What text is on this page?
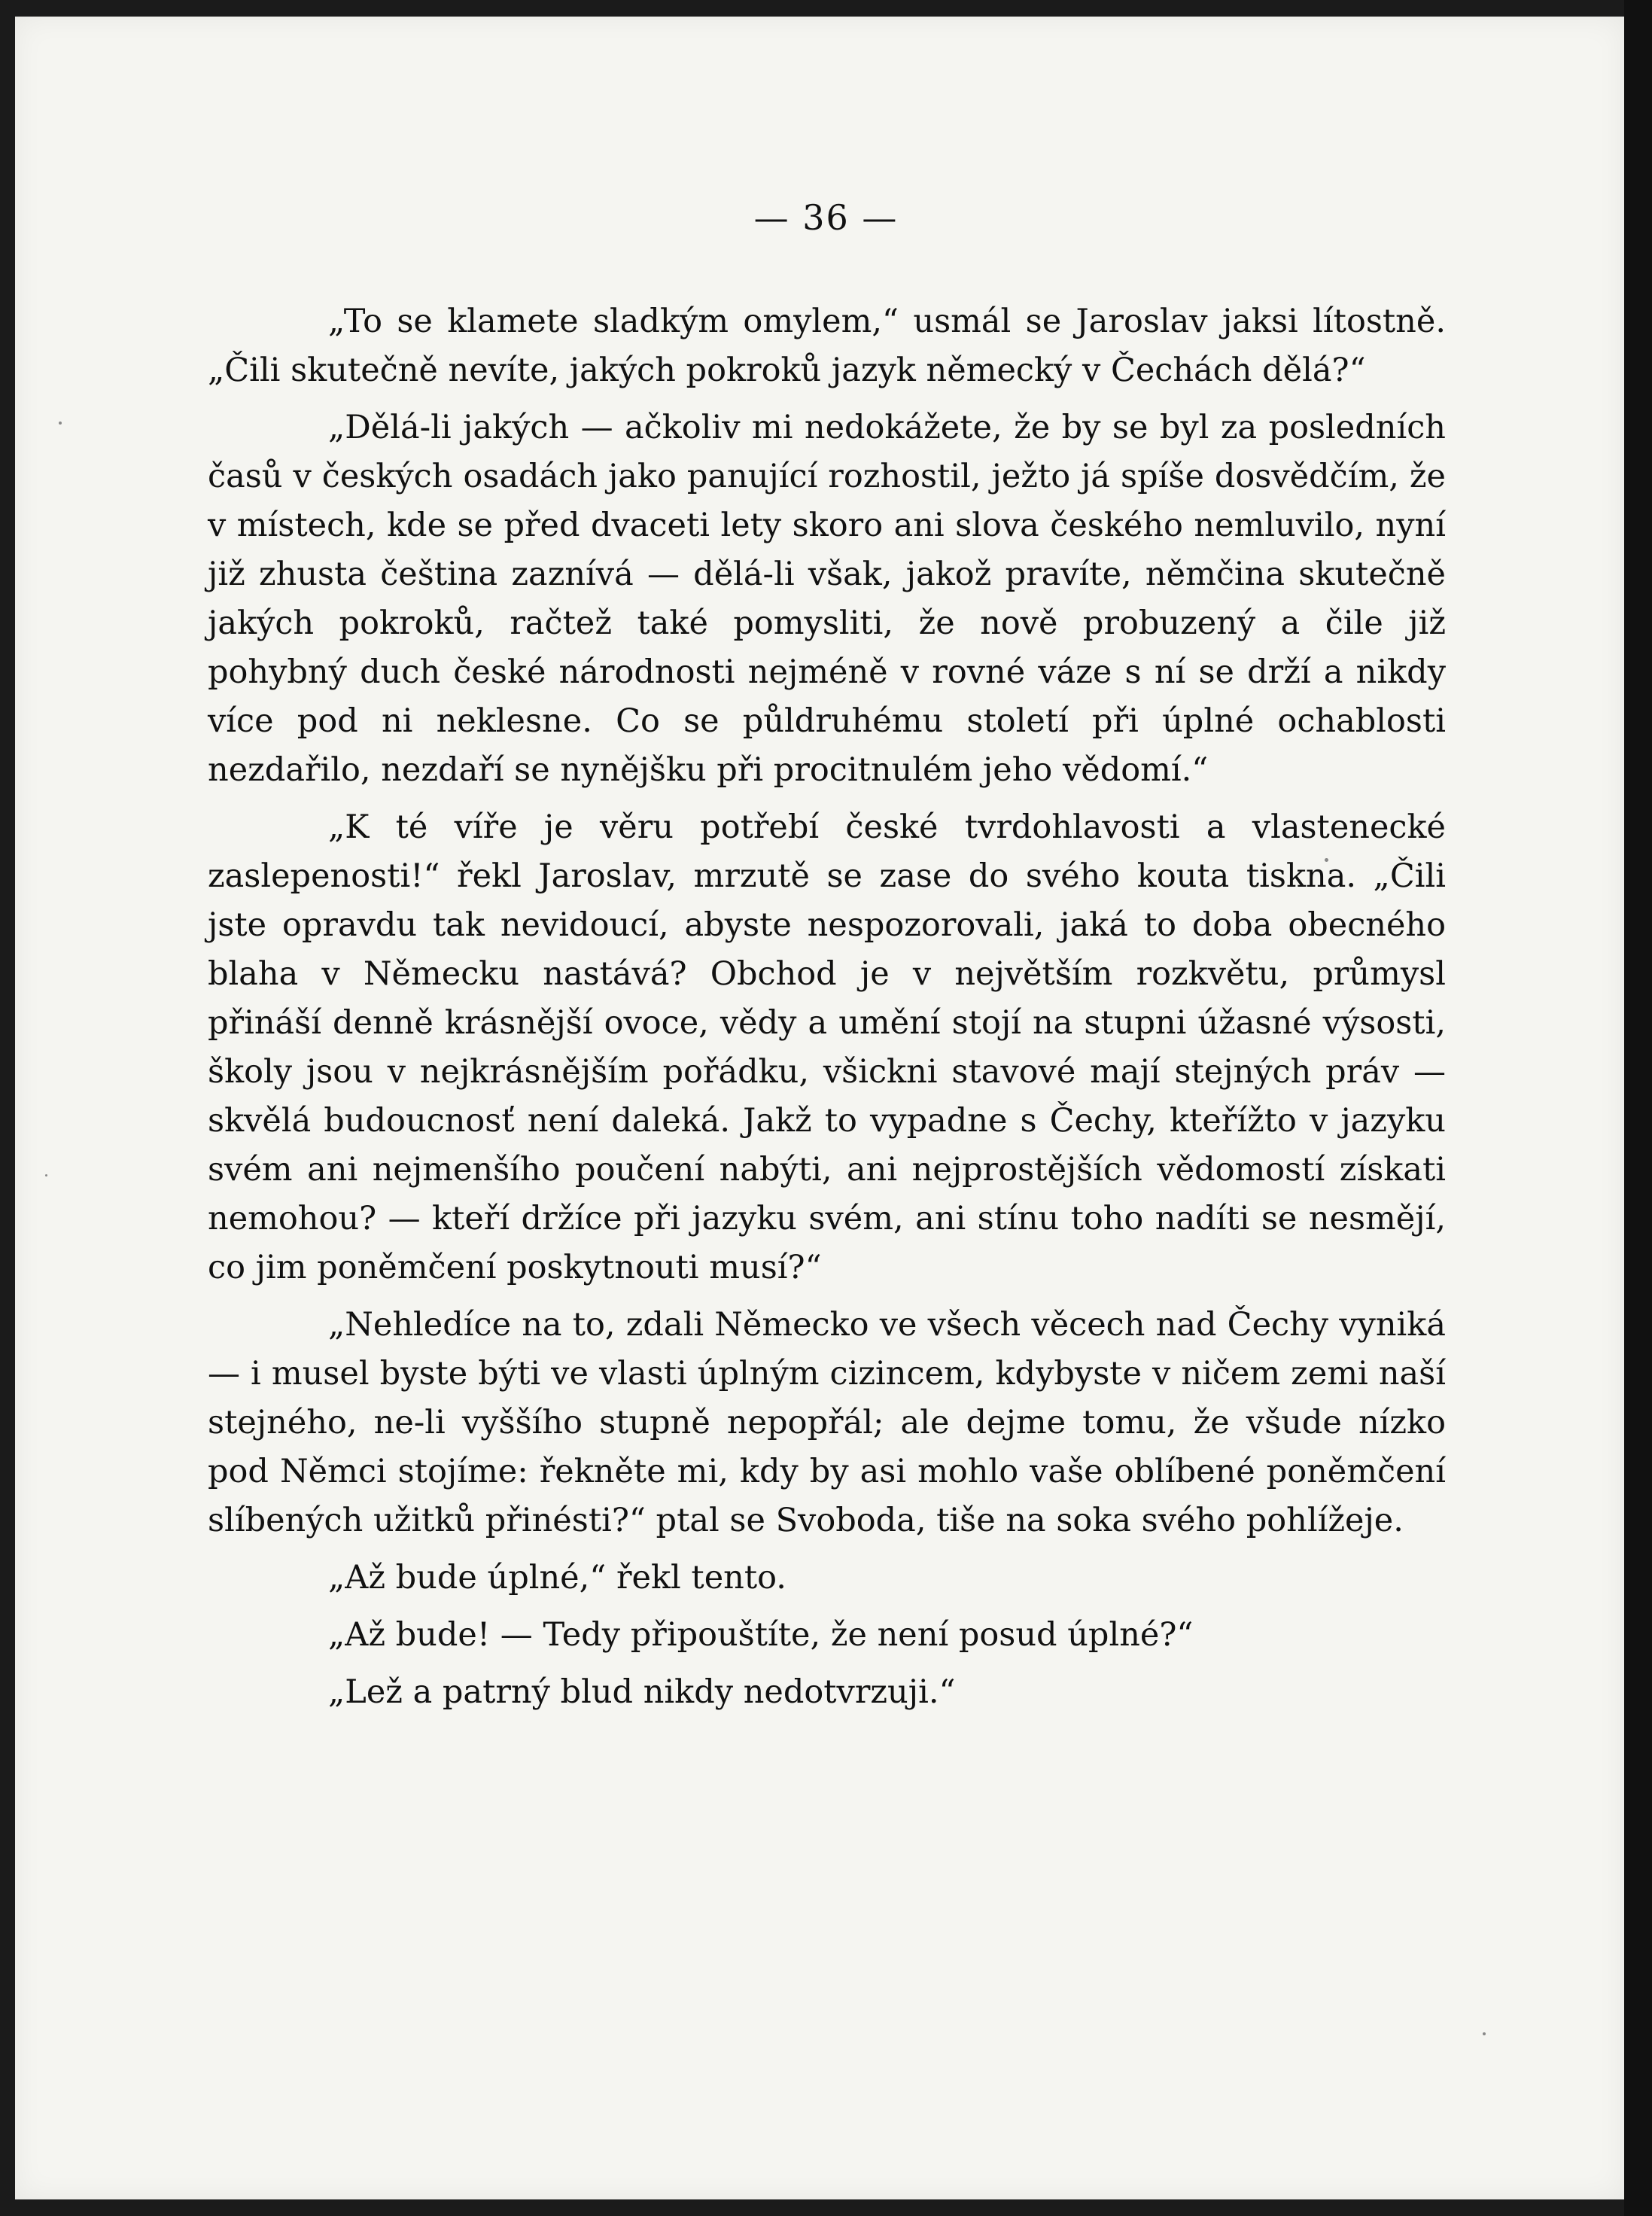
— 36 —

„To se klamete sladkým omylem,“ usmál se Jaroslav jaksi lítostně. „Čili skutečně nevíte, jakých pokroků jazyk německý v Čechách dělá?“

„Dělá-li jakých — ačkoliv mi nedokážete, že by se byl za posledních časů v českých osadách jako panující rozhostil, ježto já spíše dosvědčím, že v místech, kde se před dvaceti lety skoro ani slova českého nemluvilo, nyní již zhusta čeština zaznívá — dělá-li však, jakož pravíte, němčina skutečně jakých pokroků, račtež také pomysliti, že nově probuzený a čile již pohybný duch české národnosti nejméně v rovné váze s ní se drží a nikdy více pod ni neklesne. Co se půldruhému století při úplné ochablosti nezdařilo, nezdaří se nynějšku při procitnulém jeho vědomí.“

„K té víře je věru potřebí české tvrdohlavosti a vlastenecké zaslepenosti!“ řekl Jaroslav, mrzutě se zase do svého kouta tiskna. „Čili jste opravdu tak nevidoucí, abyste nespozorovali, jaká to doba obecného blaha v Německu nastává? Obchod je v největším rozkvětu, průmysl přináší denně krásnější ovoce, vědy a umění stojí na stupni úžasné výsosti, školy jsou v nejkrásnějším pořádku, všickni stavové mají stejných práv — skvělá budoucnosť není daleká. Jakž to vypadne s Čechy, kteřížto v jazyku svém ani nejmenšího poučení nabýti, ani nejprostějších vědomostí získati nemohou? — kteří držíce při jazyku svém, ani stínu toho nadíti se nesmějí, co jim poněmčení poskytnouti musí?“

„Nehledíce na to, zdali Německo ve všech věcech nad Čechy vyniká — i musel byste býti ve vlasti úplným cizincem, kdybyste v ničem zemi naší stejného, ne-li vyššího stupně nepopřál; ale dejme tomu, že všude nízko pod Němci stojíme: řekněte mi, kdy by asi mohlo vaše oblíbené poněmčení slíbených užitků přinésti?“ ptal se Svoboda, tiše na soka svého pohlížeje.

„Až bude úplné,“ řekl tento.

„Až bude! — Tedy připouštíte, že není posud úplné?“

„Lež a patrný blud nikdy nedotvrzuji.“
